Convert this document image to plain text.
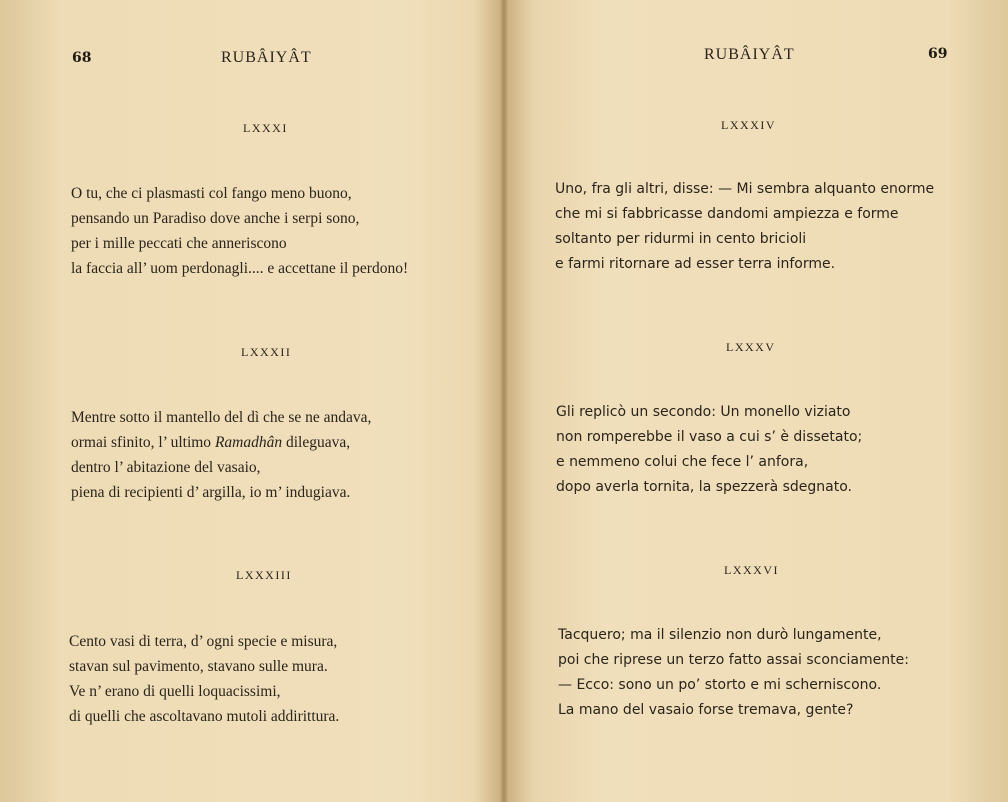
68	RUBÂIYÂT
LXXXI
O tu, che ci plasmasti col fango meno buono,
pensando un Paradiso dove anche i serpi sono,
per i mille peccati che anneriscono
la faccia all’ uom perdonagli.... e accettane il perdono!
LXXXII
Mentre sotto il mantello del dì che se ne andava,
ormai sfinito, l’ ultimo Ramadhân dileguava,
dentro l’ abitazione del vasaio,
piena di recipienti d’ argilla, io m’ indugiava.
LXXXIII
Cento vasi di terra, d’ ogni specie e misura,
stavan sul pavimento, stavano sulle mura.
Ve n’ erano di quelli loquacissimi,
di quelli che ascoltavano mutoli addirittura.
RUBÂIYÂT	69
LXXXIV
Uno, fra gli altri, disse: — Mi sembra alquanto enorme
che mi si fabbricasse dandomi ampiezza e forme
soltanto per ridurmi in cento bricioli
e farmi ritornare ad esser terra informe.
LXXXV
Gli replicò un secondo: Un monello viziato
non romperebbe il vaso a cui s’ è dissetato;
e nemmeno colui che fece l’ anfora,
dopo averla tornita, la spezzerà sdegnato.
LXXXVI
Tacquero; ma il silenzio non durò lungamente,
poi che riprese un terzo fatto assai sconciamente:
— Ecco: sono un po’ storto e mi scherniscono.
La mano del vasaio forse tremava, gente?
